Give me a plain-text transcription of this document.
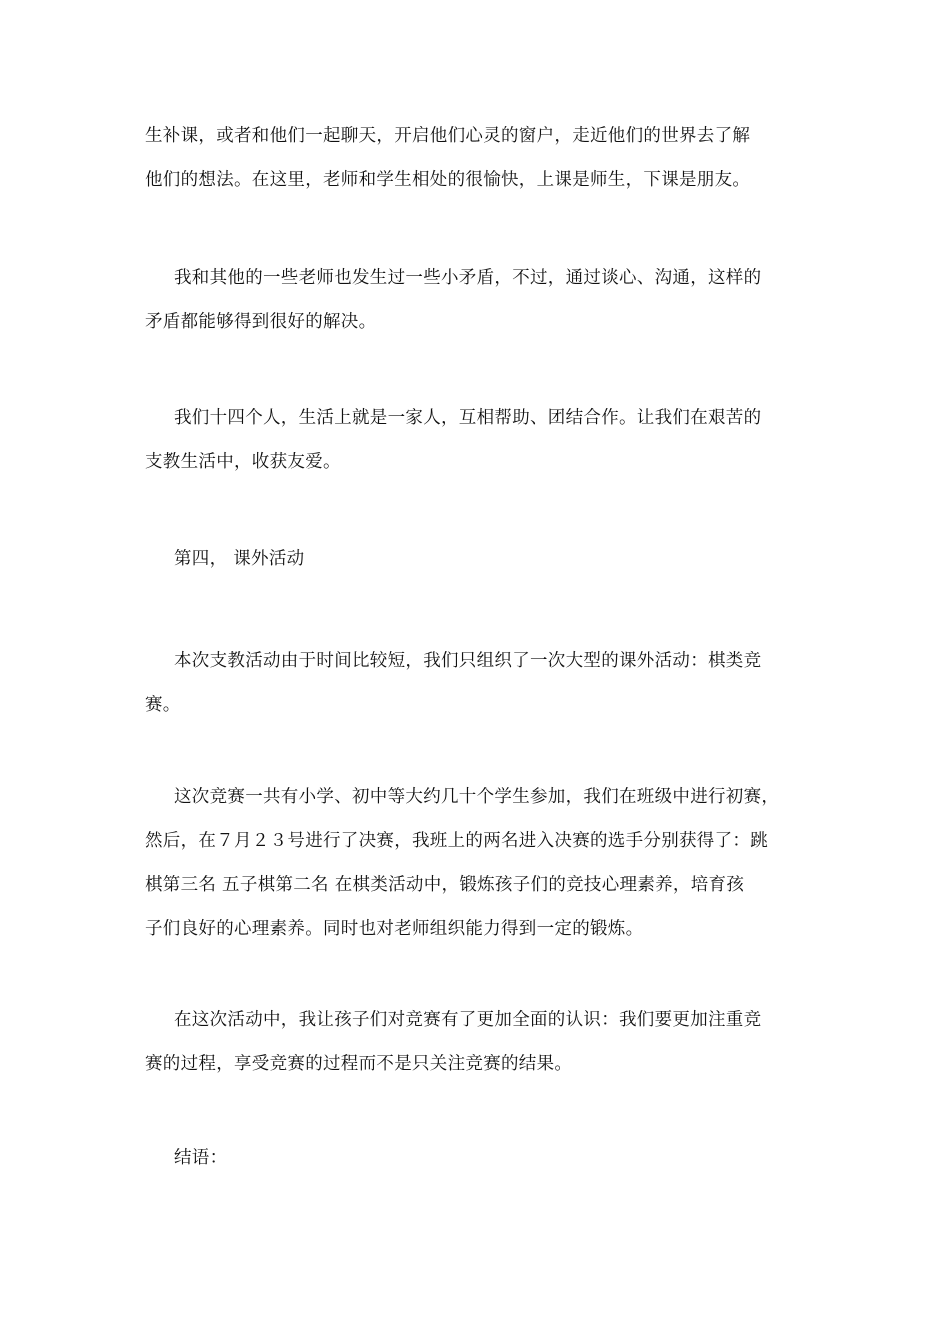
生补课，或者和他们一起聊天，开启他们心灵的窗户，走近他们的世界去了解
他们的想法。在这里，老师和学生相处的很愉快，上课是师生，下课是朋友。

我和其他的一些老师也发生过一些小矛盾，不过，通过谈心、沟通，这样的
矛盾都能够得到很好的解决。

我们十四个人，生活上就是一家人，互相帮助、团结合作。让我们在艰苦的
支教生活中，收获友爱。

第四， 课外活动

本次支教活动由于时间比较短，我们只组织了一次大型的课外活动：棋类竞
赛。

这次竞赛一共有小学、初中等大约几十个学生参加，我们在班级中进行初赛，
然后，在７月２３号进行了决赛，我班上的两名进入决赛的选手分别获得了：跳
棋第三名 五子棋第二名 在棋类活动中，锻炼孩子们的竞技心理素养，培育孩
子们良好的心理素养。同时也对老师组织能力得到一定的锻炼。

在这次活动中，我让孩子们对竞赛有了更加全面的认识：我们要更加注重竞
赛的过程，享受竞赛的过程而不是只关注竞赛的结果。

结语：
